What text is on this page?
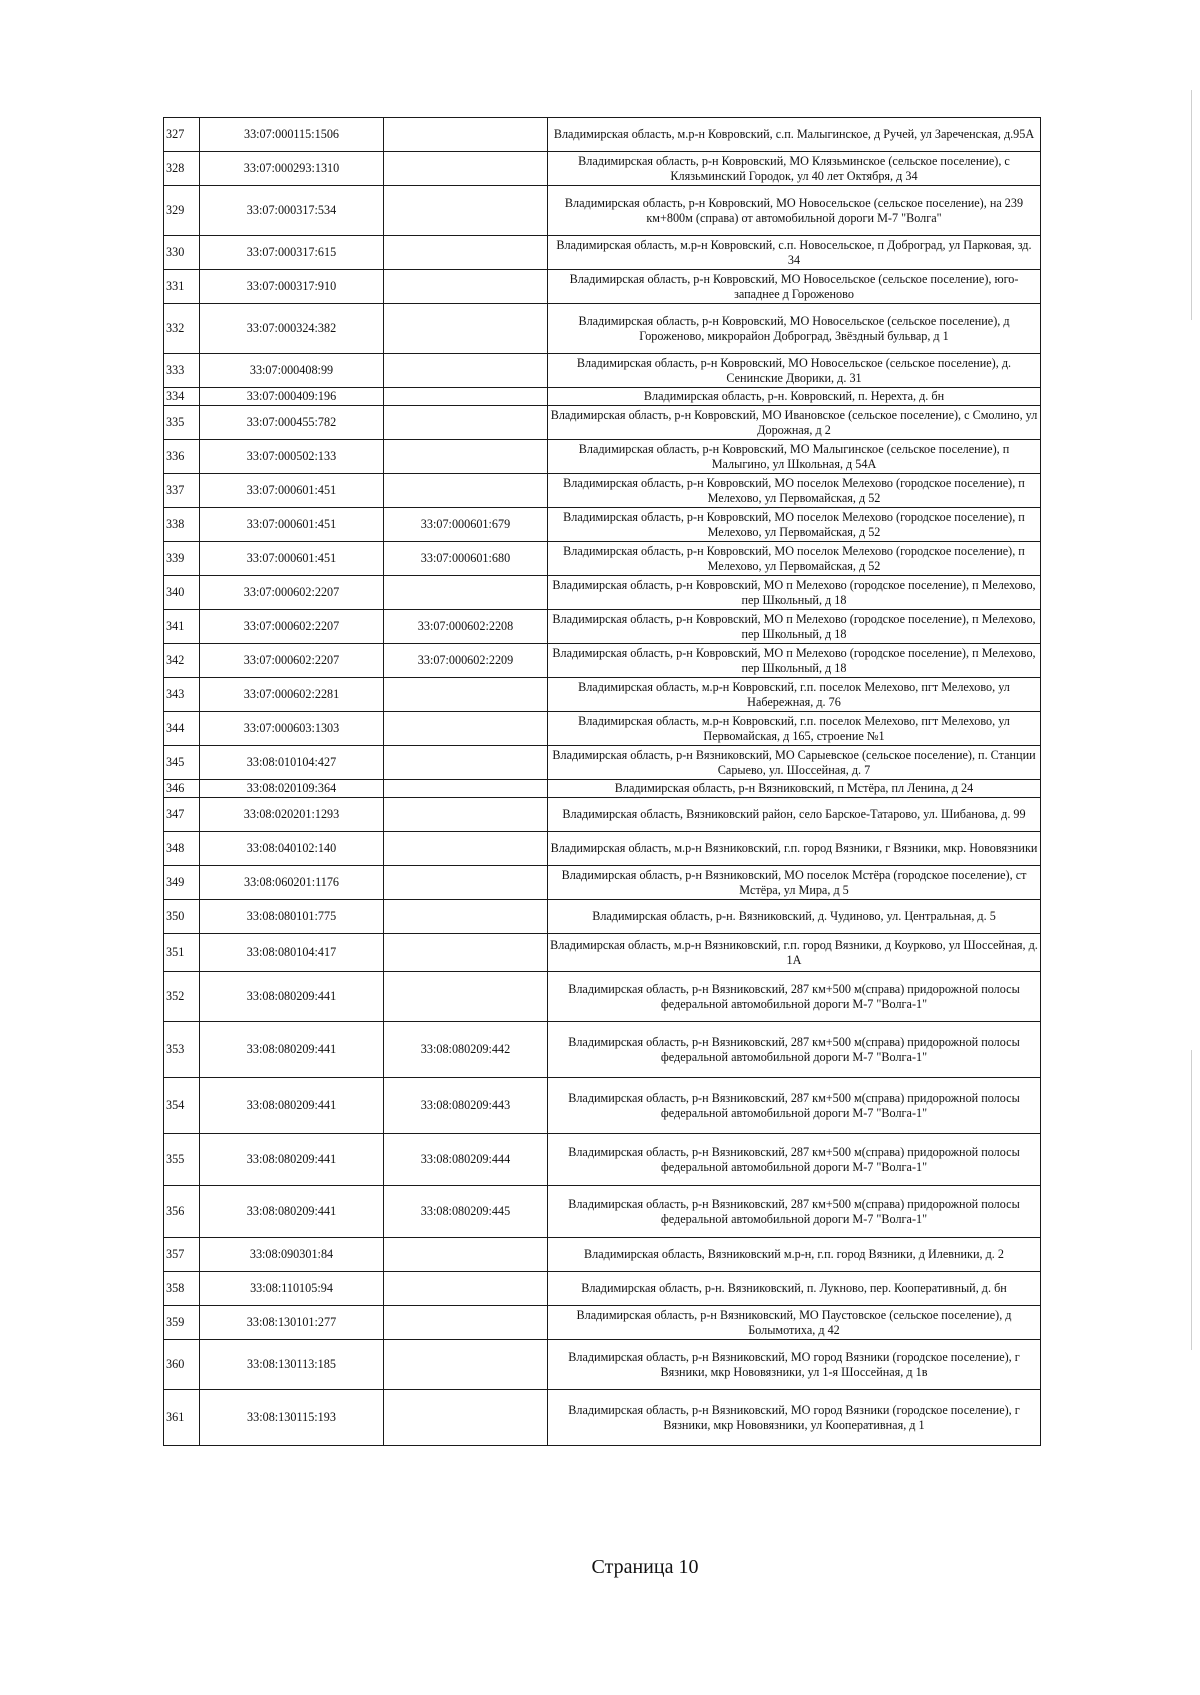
327	33:07:000115:1506		Владимирская область, м.р-н Ковровский, с.п. Малыгинское, д Ручей, ул Зареченская, д.95А
328	33:07:000293:1310		Владимирская область, р-н Ковровский, МО Клязьминское (сельское поселение), с Клязьминский Городок, ул 40 лет Октября, д 34
329	33:07:000317:534		Владимирская область, р-н Ковровский, МО Новосельское (сельское поселение), на 239 км+800м (справа) от автомобильной дороги М-7 "Волга"
330	33:07:000317:615		Владимирская область, м.р-н Ковровский, с.п. Новосельское, п Доброград, ул Парковая, зд. 34
331	33:07:000317:910		Владимирская область, р-н Ковровский, МО Новосельское (сельское поселение), юго-западнее д Гороженово
332	33:07:000324:382		Владимирская область, р-н Ковровский, МО Новосельское (сельское поселение), д Гороженово, микрорайон Доброград, Звёздный бульвар, д 1
333	33:07:000408:99		Владимирская область, р-н Ковровский, МО Новосельское (сельское поселение), д. Сенинские Дворики, д. 31
334	33:07:000409:196		Владимирская область, р-н. Ковровский, п. Нерехта, д. бн
335	33:07:000455:782		Владимирская область, р-н Ковровский, МО Ивановское (сельское поселение), с Смолино, ул Дорожная, д 2
336	33:07:000502:133		Владимирская область, р-н Ковровский, МО Малыгинское (сельское поселение), п Малыгино, ул Школьная, д 54А
337	33:07:000601:451		Владимирская область, р-н Ковровский, МО поселок Мелехово (городское поселение), п Мелехово, ул Первомайская, д 52
338	33:07:000601:451	33:07:000601:679	Владимирская область, р-н Ковровский, МО поселок Мелехово (городское поселение), п Мелехово, ул Первомайская, д 52
339	33:07:000601:451	33:07:000601:680	Владимирская область, р-н Ковровский, МО поселок Мелехово (городское поселение), п Мелехово, ул Первомайская, д 52
340	33:07:000602:2207		Владимирская область, р-н Ковровский, МО п Мелехово (городское поселение), п Мелехово, пер Школьный, д 18
341	33:07:000602:2207	33:07:000602:2208	Владимирская область, р-н Ковровский, МО п Мелехово (городское поселение), п Мелехово, пер Школьный, д 18
342	33:07:000602:2207	33:07:000602:2209	Владимирская область, р-н Ковровский, МО п Мелехово (городское поселение), п Мелехово, пер Школьный, д 18
343	33:07:000602:2281		Владимирская область, м.р-н Ковровский, г.п. поселок Мелехово, пгт Мелехово, ул Набережная, д. 76
344	33:07:000603:1303		Владимирская область, м.р-н Ковровский, г.п. поселок Мелехово, пгт Мелехово, ул Первомайская, д 165, строение №1
345	33:08:010104:427		Владимирская область, р-н Вязниковский, МО Сарыевское (сельское поселение), п. Станции Сарыево, ул. Шоссейная, д. 7
346	33:08:020109:364		Владимирская область, р-н Вязниковский, п Мстёра, пл Ленина, д 24
347	33:08:020201:1293		Владимирская область, Вязниковский район, село Барское-Татарово, ул. Шибанова, д. 99
348	33:08:040102:140		Владимирская область, м.р-н Вязниковский, г.п. город Вязники, г Вязники, мкр. Нововязники
349	33:08:060201:1176		Владимирская область, р-н Вязниковский, МО поселок Мстёра (городское поселение), ст Мстёра, ул Мира, д 5
350	33:08:080101:775		Владимирская область, р-н. Вязниковский, д. Чудиново, ул. Центральная, д. 5
351	33:08:080104:417		Владимирская область, м.р-н Вязниковский, г.п. город Вязники, д Коурково, ул Шоссейная, д. 1А
352	33:08:080209:441		Владимирская область, р-н Вязниковский, 287 км+500 м(справа) придорожной полосы федеральной автомобильной дороги М-7 "Волга-1"
353	33:08:080209:441	33:08:080209:442	Владимирская область, р-н Вязниковский, 287 км+500 м(справа) придорожной полосы федеральной автомобильной дороги М-7 "Волга-1"
354	33:08:080209:441	33:08:080209:443	Владимирская область, р-н Вязниковский, 287 км+500 м(справа) придорожной полосы федеральной автомобильной дороги М-7 "Волга-1"
355	33:08:080209:441	33:08:080209:444	Владимирская область, р-н Вязниковский, 287 км+500 м(справа) придорожной полосы федеральной автомобильной дороги М-7 "Волга-1"
356	33:08:080209:441	33:08:080209:445	Владимирская область, р-н Вязниковский, 287 км+500 м(справа) придорожной полосы федеральной автомобильной дороги М-7 "Волга-1"
357	33:08:090301:84		Владимирская область, Вязниковский м.р-н, г.п. город Вязники, д Илевники, д. 2
358	33:08:110105:94		Владимирская область, р-н. Вязниковский, п. Лукново, пер. Кооперативный, д. бн
359	33:08:130101:277		Владимирская область, р-н Вязниковский, МО Паустовское (сельское поселение), д Болымотиха, д 42
360	33:08:130113:185		Владимирская область, р-н Вязниковский, МО город Вязники (городское поселение), г Вязники, мкр Нововязники, ул 1-я Шоссейная, д 1в
361	33:08:130115:193		Владимирская область, р-н Вязниковский, МО город Вязники (городское поселение), г Вязники, мкр Нововязники, ул Кооперативная, д 1
Страница 10
